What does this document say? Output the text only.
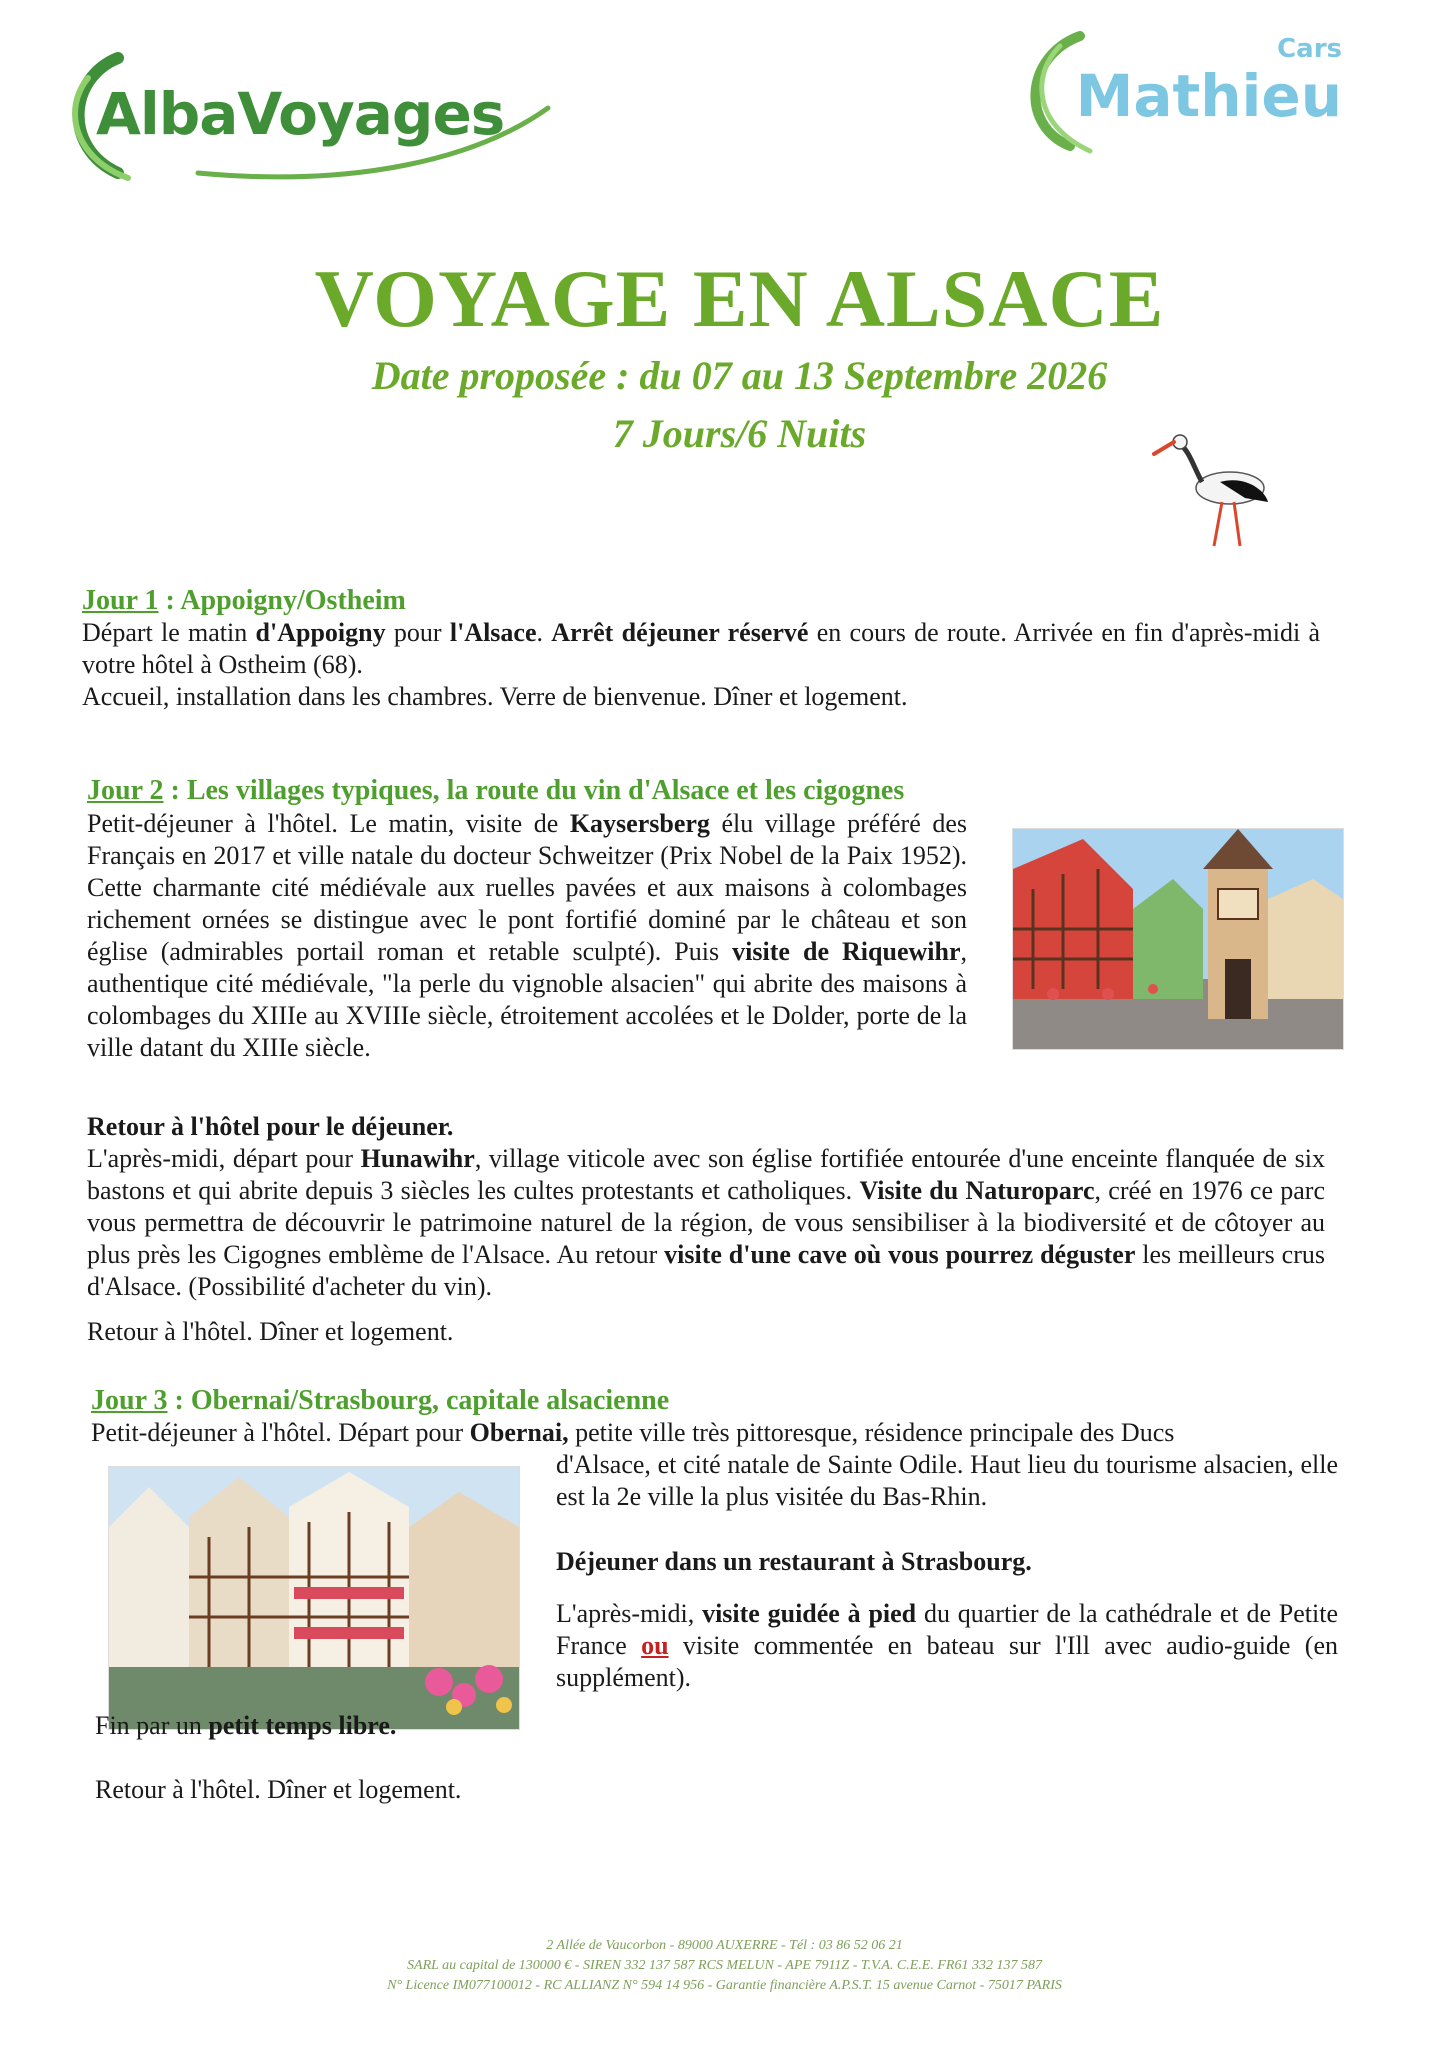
AlbaVoyages
Cars
Mathieu
VOYAGE EN ALSACE
Date proposée : du 07 au 13 Septembre 2026
7 Jours/6 Nuits
Jour 1 : Appoigny/Ostheim
Départ le matin d'Appoigny pour l'Alsace. Arrêt déjeuner réservé en cours de route. Arrivée en fin d'après-midi à votre hôtel à Ostheim (68).
Accueil, installation dans les chambres. Verre de bienvenue. Dîner et logement.
Jour 2 : Les villages typiques, la route du vin d'Alsace et les cigognes
Petit-déjeuner à l'hôtel. Le matin, visite de Kaysersberg élu village préféré des Français en 2017 et ville natale du docteur Schweitzer (Prix Nobel de la Paix 1952). Cette charmante cité médiévale aux ruelles pavées et aux maisons à colombages richement ornées se distingue avec le pont fortifié dominé par le château et son église (admirables portail roman et retable sculpté). Puis visite de Riquewihr, authentique cité médiévale, "la perle du vignoble alsacien" qui abrite des maisons à colombages du XIIIe au XVIIIe siècle, étroitement accolées et le Dolder, porte de la ville datant du XIIIe siècle.
Retour à l'hôtel pour le déjeuner.
L'après-midi, départ pour Hunawihr, village viticole avec son église fortifiée entourée d'une enceinte flanquée de six bastons et qui abrite depuis 3 siècles les cultes protestants et catholiques. Visite du Naturoparc, créé en 1976 ce parc vous permettra de découvrir le patrimoine naturel de la région, de vous sensibiliser à la biodiversité et de côtoyer au plus près les Cigognes emblème de l'Alsace. Au retour visite d'une cave où vous pourrez déguster les meilleurs crus d'Alsace. (Possibilité d'acheter du vin).
Retour à l'hôtel. Dîner et logement.
Jour 3 : Obernai/Strasbourg, capitale alsacienne
Petit-déjeuner à l'hôtel. Départ pour Obernai, petite ville très pittoresque, résidence principale des Ducs
d'Alsace, et cité natale de Sainte Odile. Haut lieu du tourisme alsacien, elle est la 2e ville la plus visitée du Bas-Rhin.
Déjeuner dans un restaurant à Strasbourg.
L'après-midi, visite guidée à pied du quartier de la cathédrale et de Petite France ou visite commentée en bateau sur l'Ill avec audio-guide (en supplément).
Fin par un petit temps libre.
Retour à l'hôtel. Dîner et logement.
2 Allée de Vaucorbon - 89000 AUXERRE - Tél : 03 86 52 06 21
SARL au capital de 130000 € - SIREN 332 137 587 RCS MELUN - APE 7911Z - T.V.A. C.E.E. FR61 332 137 587
N° Licence IM077100012 - RC ALLIANZ N° 594 14 956 - Garantie financière A.P.S.T. 15 avenue Carnot - 75017 PARIS
